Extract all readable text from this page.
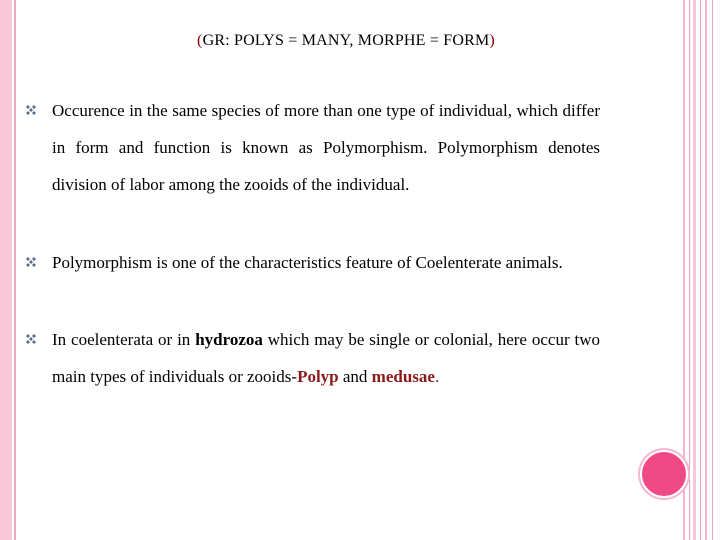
(GR: POLYS = MANY, MORPHE = FORM)
Occurence in the same species of more than one type of individual, which differ in form and function is known as Polymorphism. Polymorphism denotes division of labor among the zooids of the individual.
Polymorphism is one of the characteristics feature of Coelenterate animals.
In coelenterata or in hydrozoa which may be single or colonial, here occur two main types of individuals or zooids-Polyp and medusae.
